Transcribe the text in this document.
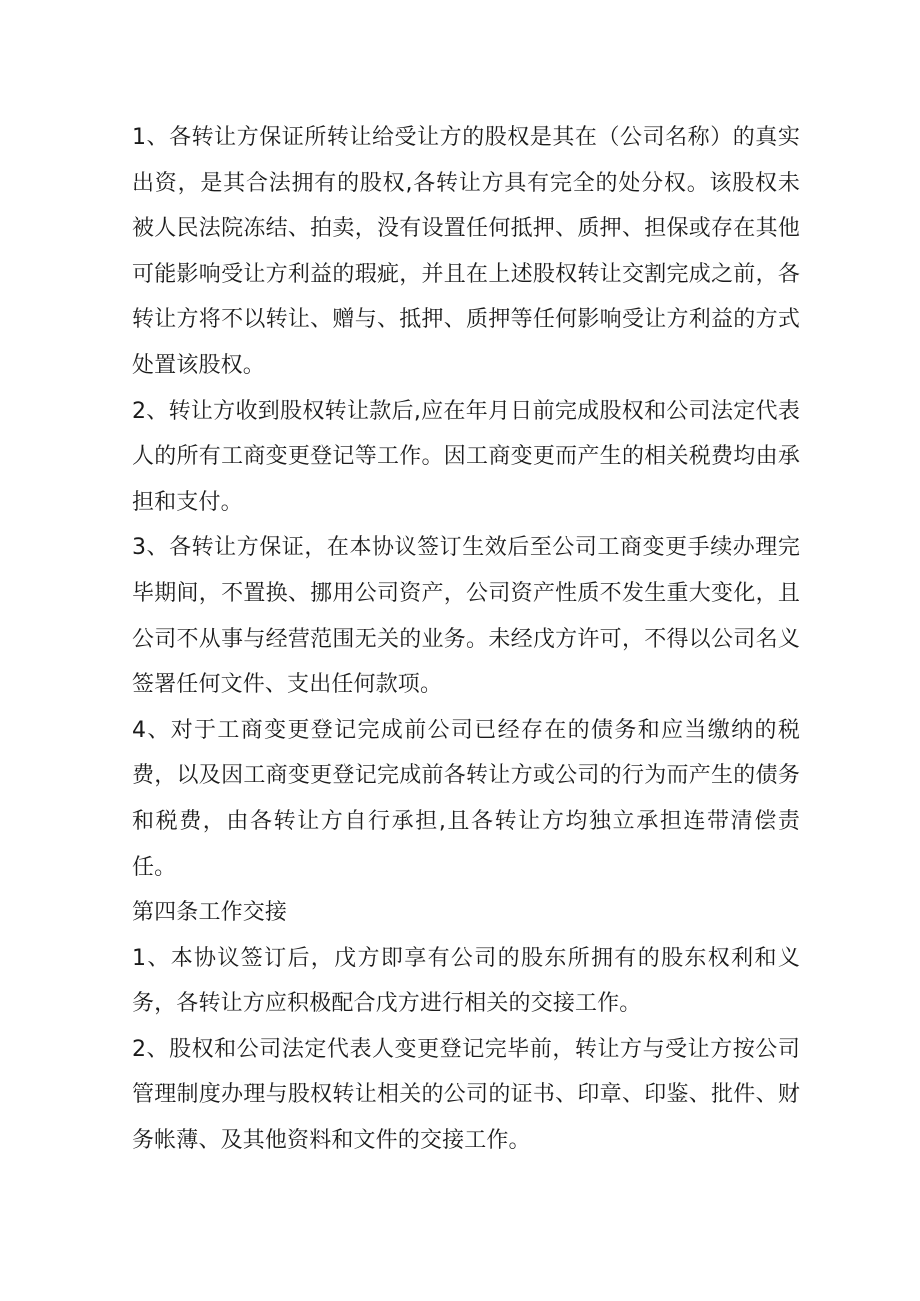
1、各转让方保证所转让给受让方的股权是其在（公司名称）的真实出资，是其合法拥有的股权,各转让方具有完全的处分权。该股权未被人民法院冻结、拍卖，没有设置任何抵押、质押、担保或存在其他可能影响受让方利益的瑕疵，并且在上述股权转让交割完成之前，各转让方将不以转让、赠与、抵押、质押等任何影响受让方利益的方式处置该股权。

2、转让方收到股权转让款后,应在年月日前完成股权和公司法定代表人的所有工商变更登记等工作。因工商变更而产生的相关税费均由承担和支付。

3、各转让方保证，在本协议签订生效后至公司工商变更手续办理完毕期间，不置换、挪用公司资产，公司资产性质不发生重大变化，且公司不从事与经营范围无关的业务。未经戊方许可，不得以公司名义签署任何文件、支出任何款项。

4、对于工商变更登记完成前公司已经存在的债务和应当缴纳的税费，以及因工商变更登记完成前各转让方或公司的行为而产生的债务和税费，由各转让方自行承担,且各转让方均独立承担连带清偿责任。

第四条工作交接

1、本协议签订后，戊方即享有公司的股东所拥有的股东权利和义务，各转让方应积极配合戊方进行相关的交接工作。

2、股权和公司法定代表人变更登记完毕前，转让方与受让方按公司管理制度办理与股权转让相关的公司的证书、印章、印鉴、批件、财务帐薄、及其他资料和文件的交接工作。
